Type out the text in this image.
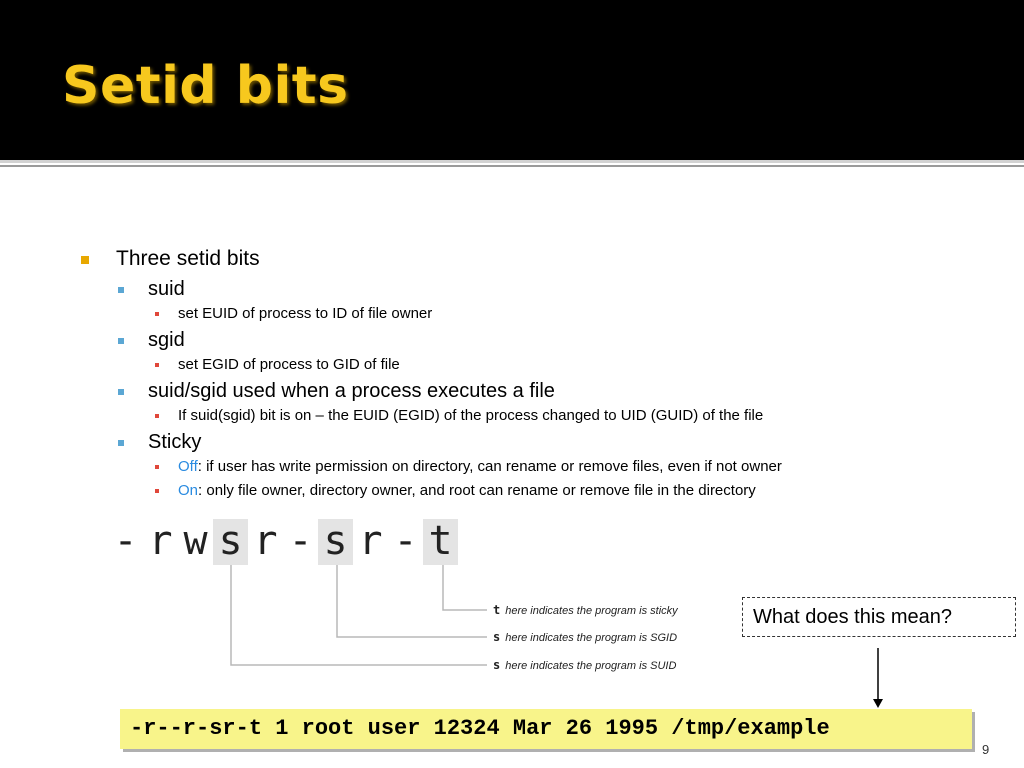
Setid bits
Three setid bits
suid
set EUID of process to ID of file owner
sgid
set EGID of process to GID of file
suid/sgid used when a process executes a file
If suid(sgid) bit is on – the EUID (EGID) of the process changed to UID (GUID) of the file
Sticky
Off: if user has write permission on directory, can rename or remove files, even if not owner
On: only file owner, directory owner, and root can rename or remove file in the directory
- r w s r - s r - t
t here indicates the program is sticky
s here indicates the program is SGID
s here indicates the program is SUID
What does this mean?
-r--r-sr-t 1 root user 12324 Mar 26 1995 /tmp/example
9
